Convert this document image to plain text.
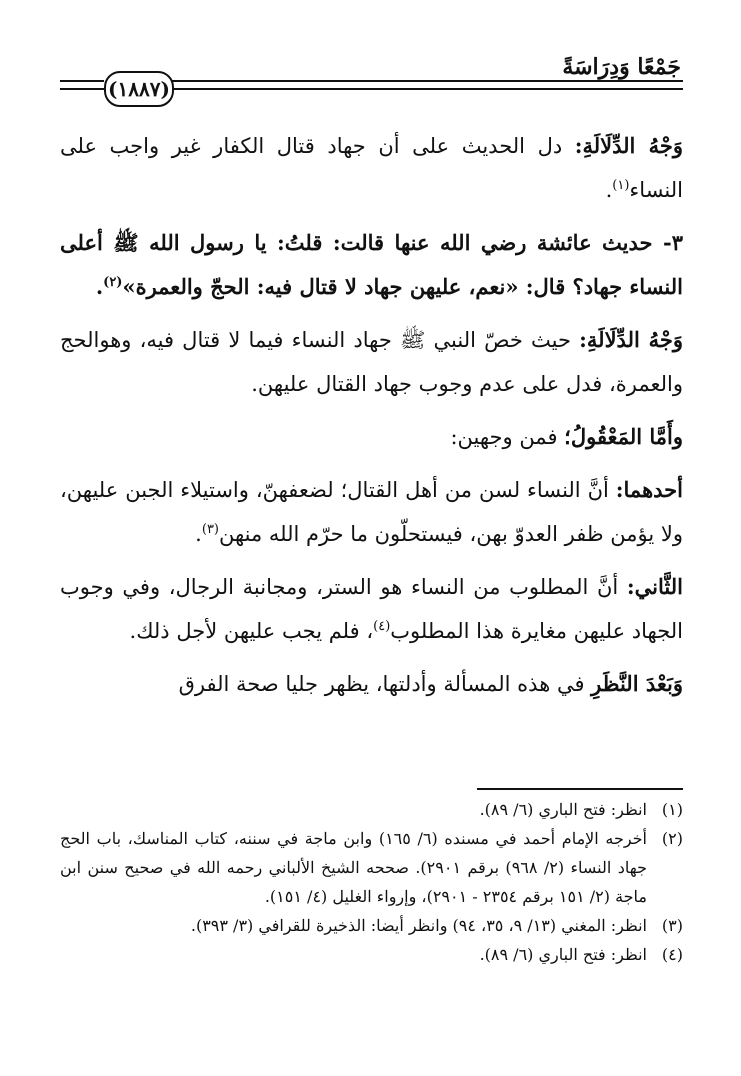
جَمْعًا وَدِرَاسَةً
(١٨٨٧)

وَجْهُ الدِّلَالَةِ: دل الحديث على أن جهاد قتال الكفار غير واجب على النساء$^{(١)}$.

٣- حديث عائشة رضي الله عنها قالت: قلتُ: يا رسول الله ﷺ أعلى النساء جهاد؟ قال: «نعم، عليهن جهاد لا قتال فيه: الحجّ والعمرة»$^{(٢)}$.

وَجْهُ الدِّلَالَةِ: حيث خصّ النبي ﷺ جهاد النساء فيما لا قتال فيه، وهوالحج والعمرة، فدل على عدم وجوب جهاد القتال عليهن.

وأَمَّا المَعْقُولُ؛ فمن وجهين:

أحدهما: أنَّ النساء لسن من أهل القتال؛ لضعفهنّ، واستيلاء الجبن عليهن، ولا يؤمن ظفر العدوّ بهن، فيستحلّون ما حرّم الله منهن$^{(٣)}$.

الثَّاني: أنَّ المطلوب من النساء هو الستر، ومجانبة الرجال، وفي وجوب الجهاد عليهن مغايرة هذا المطلوب$^{(٤)}$، فلم يجب عليهن لأجل ذلك.

وَبَعْدَ النَّظَرِ في هذه المسألة وأدلتها، يظهر جليا صحة الفرق

(١)
انظر: فتح الباري (٦/ ٨٩).
(٢)
أخرجه الإمام أحمد في مسنده (٦/ ١٦٥) وابن ماجة في سننه، كتاب المناسك، باب الحج جهاد النساء (٢/ ٩٦٨) برقم ٢٩٠١). صححه الشيخ الألباني رحمه الله في صحيح سنن ابن ماجة (٢/ ١٥١ برقم ٢٣٥٤ - ٢٩٠١)، وإرواء الغليل (٤/ ١٥١).
(٣)
انظر: المغني (١٣/ ٩، ٣٥، ٩٤) وانظر أيضا: الذخيرة للقرافي (٣/ ٣٩٣).
(٤)
انظر: فتح الباري (٦/ ٨٩).
